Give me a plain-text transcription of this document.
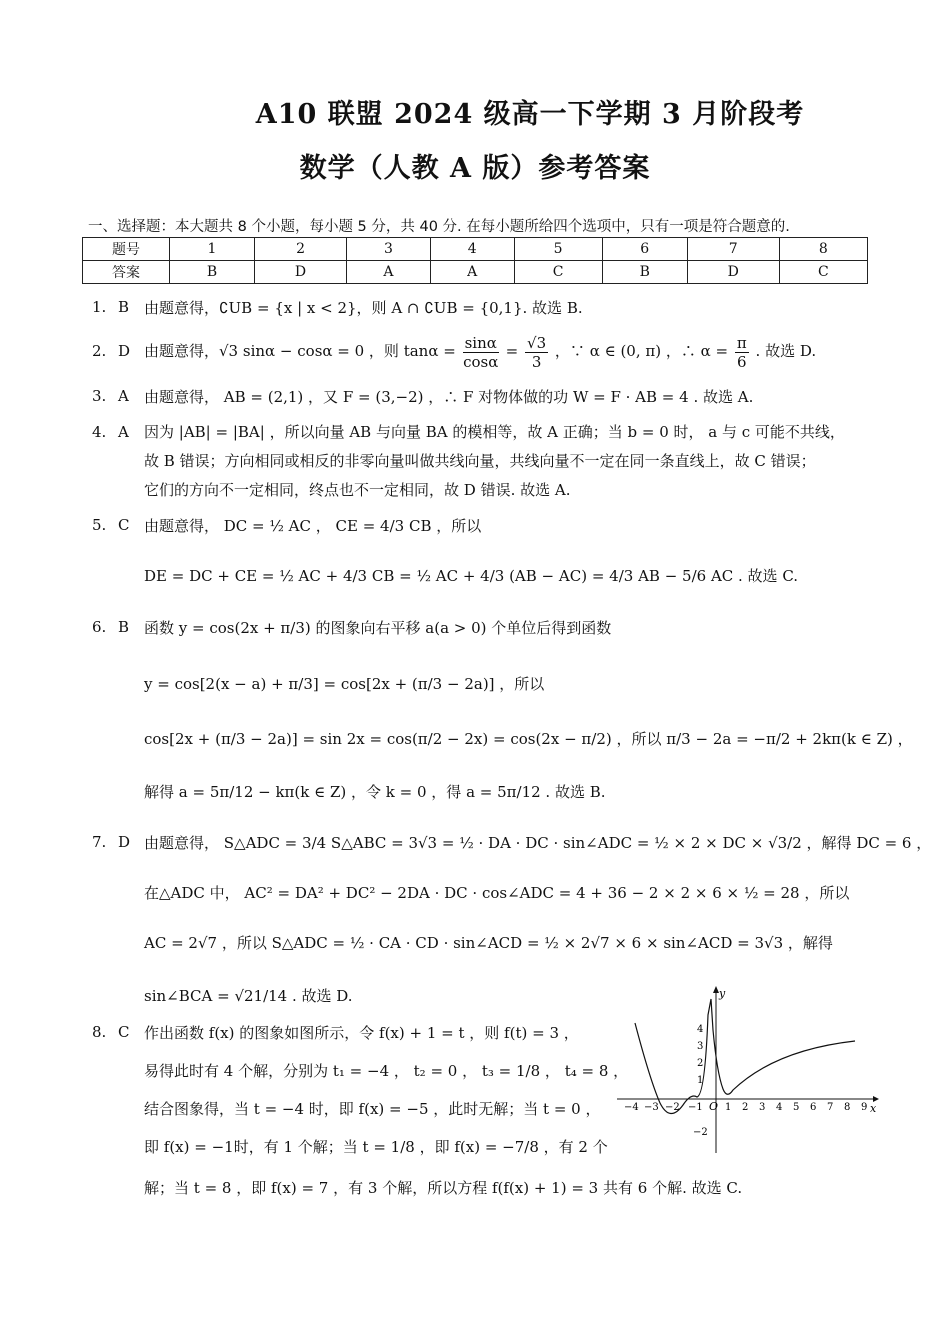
A10 联盟 2024 级高一下学期 3 月阶段考
数学（人教 A 版）参考答案
一、选择题：本大题共 8 个小题，每小题 5 分，共 40 分. 在每小题所给四个选项中，只有一项是符合题意的.
题号	1	2	3	4	5	6	7	8
答案	B	D	A	A	C	B	D	C
1. B 由题意得，∁UB = {x | x < 2}，则 A ∩ ∁UB = {0,1}. 故选 B.
2. D 由题意得，√3 sinα − cosα = 0 ，则 $\tan\alpha = \frac{\sin\alpha}{\cos\alpha} = \frac{√3}{3}$ ，∵ α ∈ (0, π) ，∴ $\alpha = \frac{\pi}{6}$ . 故选 D.
3. A 由题意得， AB = (2,1) ，又 F = (3,−2) ，∴ F 对物体做的功 W = F · AB = 4 . 故选 A.
4. A 因为 |AB| = |BA| ，所以向量 AB 与向量 BA 的模相等，故 A 正确；当 b = 0 时， a 与 c 可能不共线，
故 B 错误；方向相同或相反的非零向量叫做共线向量，共线向量不一定在同一条直线上，故 C 错误；
它们的方向不一定相同，终点也不一定相同，故 D 错误. 故选 A.
5. C 由题意得， DC = ½ AC ， CE = 4/3 CB ，所以
DE = DC + CE = ½ AC + 4/3 CB = ½ AC + 4/3 (AB − AC) = 4/3 AB − 5/6 AC . 故选 C.
6. B 函数 y = cos(2x + π/3) 的图象向右平移 a(a > 0) 个单位后得到函数
y = cos[2(x − a) + π/3] = cos[2x + (π/3 − 2a)] ，所以
cos[2x + (π/3 − 2a)] = sin 2x = cos(π/2 − 2x) = cos(2x − π/2) ，所以 π/3 − 2a = −π/2 + 2kπ(k ∈ Z) ，
解得 a = 5π/12 − kπ(k ∈ Z) ，令 k = 0 ，得 a = 5π/12 . 故选 B.
7. D 由题意得， S△ADC = 3/4 S△ABC = 3√3 = ½ · DA · DC · sin∠ADC = ½ × 2 × DC × √3/2 ，解得 DC = 6 ，
在△ADC 中， AC² = DA² + DC² − 2DA · DC · cos∠ADC = 4 + 36 − 2 × 2 × 6 × ½ = 28 ，所以
AC = 2√7 ，所以 S△ADC = ½ · CA · CD · sin∠ACD = ½ × 2√7 × 6 × sin∠ACD = 3√3 ，解得
sin∠BCA = √21/14 . 故选 D.
8. C 作出函数 f(x) 的图象如图所示，令 f(x) + 1 = t ，则 f(t) = 3 ，
易得此时有 4 个解，分别为 t₁ = −4 ， t₂ = 0 ， t₃ = 1/8 ， t₄ = 8 ，
结合图象得，当 t = −4 时，即 f(x) = −5 ，此时无解；当 t = 0 ，
即 f(x) = −1时，有 1 个解；当 t = 1/8 ，即 f(x) = −7/8 ，有 2 个
解；当 t = 8 ，即 f(x) = 7 ，有 3 个解，所以方程 f(f(x) + 1) = 3 共有 6 个解. 故选 C.
y
x
O
−4 −3 −2 −1 1 2 3 4 5 6 7 8 9
4
3
2
1
−2
